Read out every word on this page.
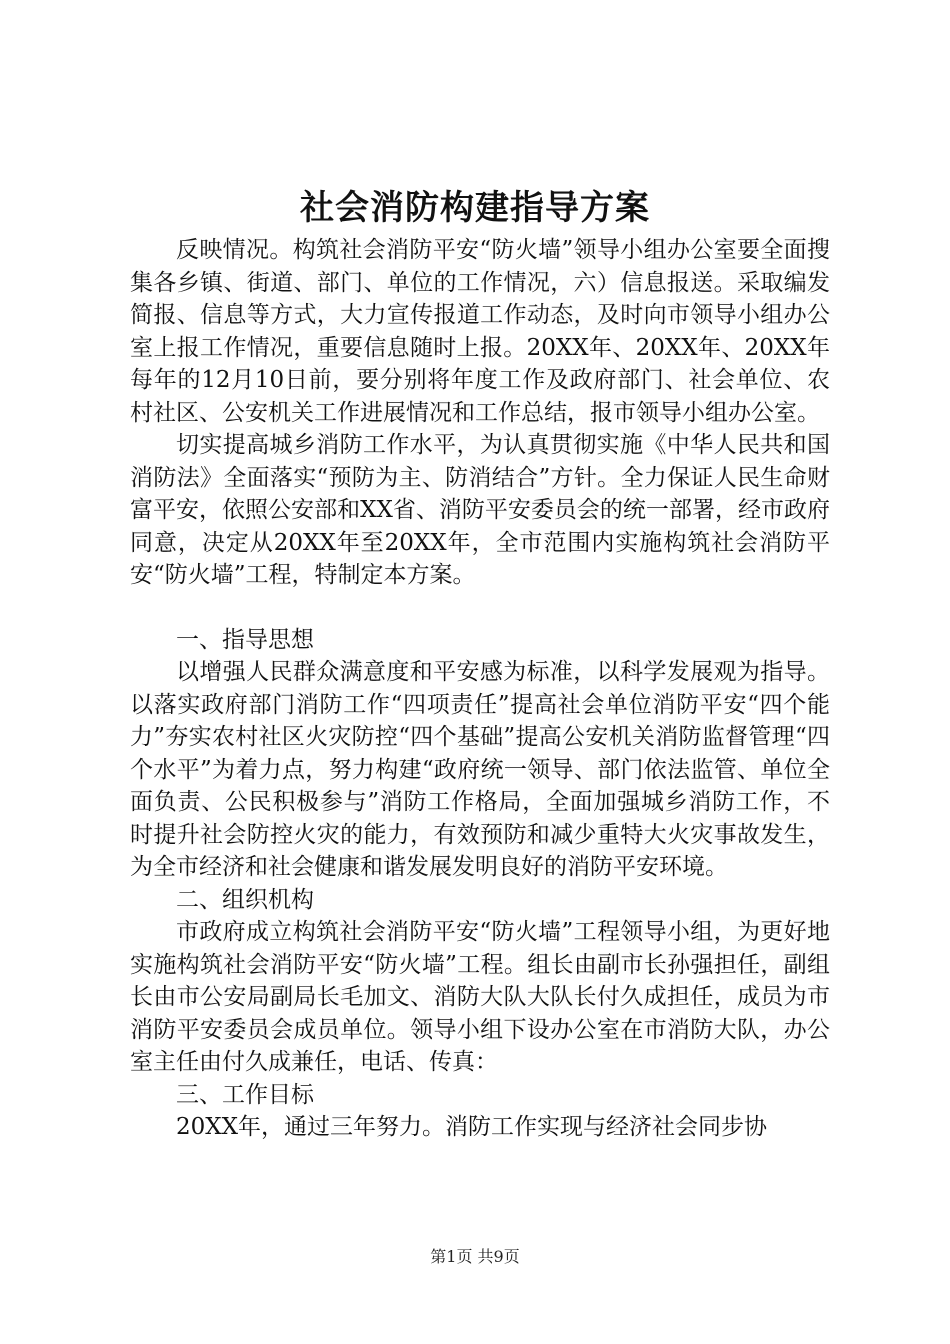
社会消防构建指导方案

反映情况。构筑社会消防平安“防火墙”领导小组办公室要全面搜集各乡镇、街道、部门、单位的工作情况，六）信息报送。采取编发简报、信息等方式，大力宣传报道工作动态，及时向市领导小组办公室上报工作情况，重要信息随时上报。20XX年、20XX年、20XX年每年的12月10日前，要分别将年度工作及政府部门、社会单位、农村社区、公安机关工作进展情况和工作总结，报市领导小组办公室。

切实提高城乡消防工作水平，为认真贯彻实施《中华人民共和国消防法》全面落实“预防为主、防消结合”方针。全力保证人民生命财富平安，依照公安部和XX省、消防平安委员会的统一部署，经市政府同意，决定从20XX年至20XX年，全市范围内实施构筑社会消防平安“防火墙”工程，特制定本方案。

一、指导思想

以增强人民群众满意度和平安感为标准，以科学发展观为指导。以落实政府部门消防工作“四项责任”提高社会单位消防平安“四个能力”夯实农村社区火灾防控“四个基础”提高公安机关消防监督管理“四个水平”为着力点，努力构建“政府统一领导、部门依法监管、单位全面负责、公民积极参与”消防工作格局，全面加强城乡消防工作，不时提升社会防控火灾的能力，有效预防和减少重特大火灾事故发生，为全市经济和社会健康和谐发展发明良好的消防平安环境。

二、组织机构

市政府成立构筑社会消防平安“防火墙”工程领导小组，为更好地实施构筑社会消防平安“防火墙”工程。组长由副市长孙强担任，副组长由市公安局副局长毛加文、消防大队大队长付久成担任，成员为市消防平安委员会成员单位。领导小组下设办公室在市消防大队，办公室主任由付久成兼任，电话、传真：

三、工作目标

20XX年，通过三年努力。消防工作实现与经济社会同步协

第1页 共9页
